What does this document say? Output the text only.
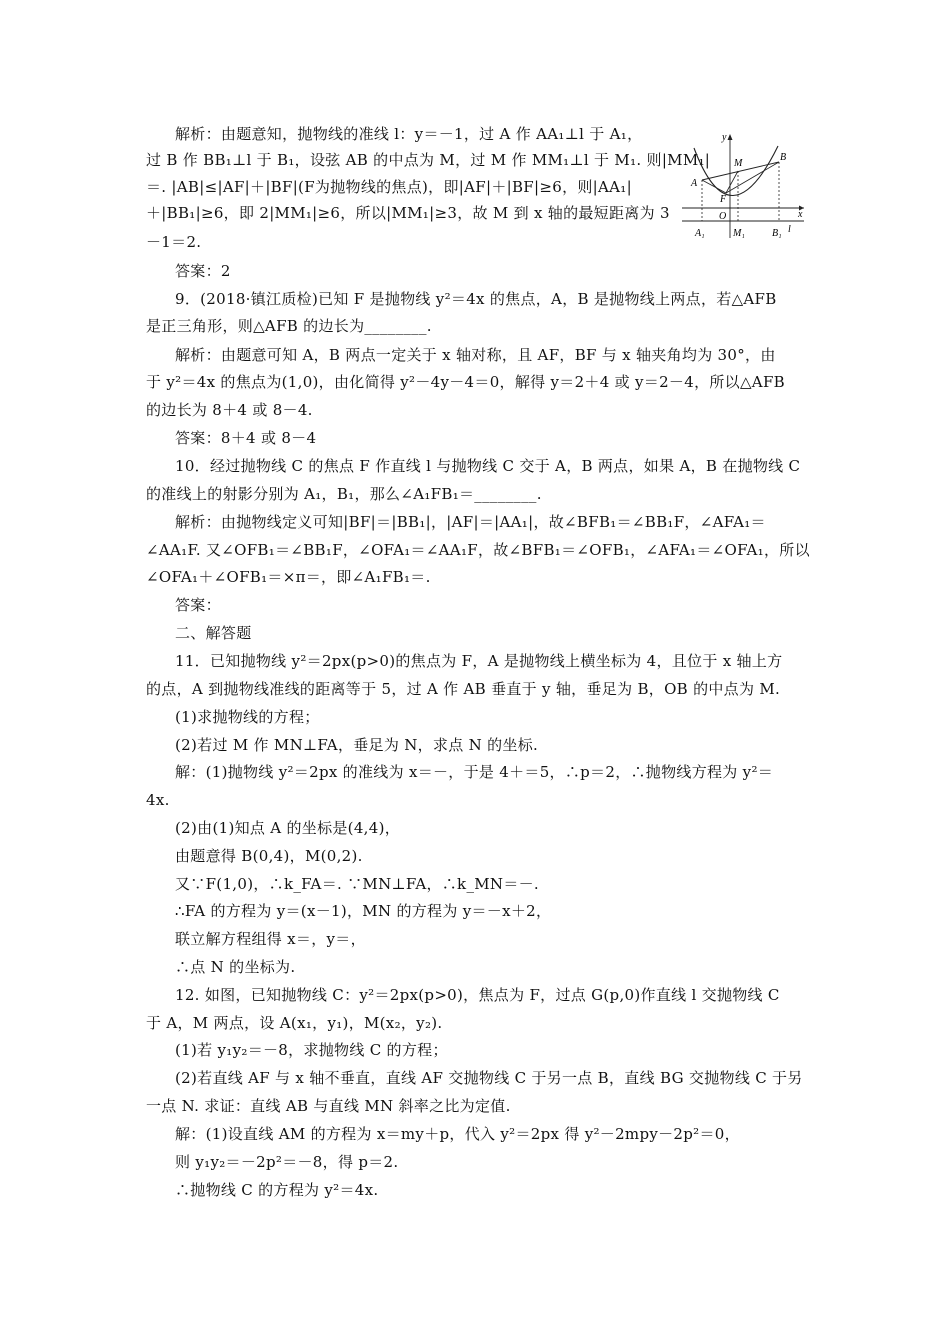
解析：由题意知，抛物线的准线 l：y＝－1，过 A 作 AA₁⊥l 于 A₁，
过 B 作 BB₁⊥l 于 B₁，设弦 AB 的中点为 M，过 M 作 MM₁⊥l 于 M₁. 则|MM₁|
＝. |AB|≤|AF|＋|BF|(F为抛物线的焦点)，即|AF|＋|BF|≥6，则|AA₁|
＋|BB₁|≥6，即 2|MM₁|≥6，所以|MM₁|≥3，故 M 到 x 轴的最短距离为 3
－1＝2.
答案：2
9．(2018·镇江质检)已知 F 是抛物线 y²＝4x 的焦点，A，B 是抛物线上两点，若△AFB
是正三角形，则△AFB 的边长为________.
解析：由题意可知 A，B 两点一定关于 x 轴对称，且 AF，BF 与 x 轴夹角均为 30°，由
于 y²＝4x 的焦点为(1,0)，由化简得 y²－4y－4＝0，解得 y＝2＋4 或 y＝2－4，所以△AFB
的边长为 8＋4 或 8－4.
答案：8＋4 或 8－4
10．经过抛物线 C 的焦点 F 作直线 l 与抛物线 C 交于 A，B 两点，如果 A，B 在抛物线 C
的准线上的射影分别为 A₁，B₁，那么∠A₁FB₁＝________.
解析：由抛物线定义可知|BF|＝|BB₁|，|AF|＝|AA₁|，故∠BFB₁＝∠BB₁F，∠AFA₁＝
∠AA₁F. 又∠OFB₁＝∠BB₁F，∠OFA₁＝∠AA₁F，故∠BFB₁＝∠OFB₁，∠AFA₁＝∠OFA₁，所以
∠OFA₁＋∠OFB₁＝×π＝，即∠A₁FB₁＝.
答案：
二、解答题
11．已知抛物线 y²＝2px(p>0)的焦点为 F，A 是抛物线上横坐标为 4，且位于 x 轴上方
的点，A 到抛物线准线的距离等于 5，过 A 作 AB 垂直于 y 轴，垂足为 B，OB 的中点为 M.
(1)求抛物线的方程；
(2)若过 M 作 MN⊥FA，垂足为 N，求点 N 的坐标.
解：(1)抛物线 y²＝2px 的准线为 x＝－，于是 4＋＝5，∴p＝2，∴抛物线方程为 y²＝
4x.
(2)由(1)知点 A 的坐标是(4,4)，
由题意得 B(0,4)，M(0,2).
又∵F(1,0)，∴k_FA＝. ∵MN⊥FA，∴k_MN＝－.
∴FA 的方程为 y＝(x－1)，MN 的方程为 y＝－x＋2，
联立解方程组得 x＝，y＝，
∴点 N 的坐标为.
12. 如图，已知抛物线 C：y²＝2px(p>0)，焦点为 F，过点 G(p,0)作直线 l 交抛物线 C
于 A，M 两点，设 A(x₁，y₁)，M(x₂，y₂).
(1)若 y₁y₂＝－8，求抛物线 C 的方程；
(2)若直线 AF 与 x 轴不垂直，直线 AF 交抛物线 C 于另一点 B，直线 BG 交抛物线 C 于另
一点 N. 求证：直线 AB 与直线 MN 斜率之比为定值.
解：(1)设直线 AM 的方程为 x＝my＋p，代入 y²＝2px 得 y²－2mpy－2p²＝0，
则 y₁y₂＝－2p²＝－8，得 p＝2.
∴抛物线 C 的方程为 y²＝4x.
y
x
l
O
A
B
M
F
A₁	M₁	B₁
